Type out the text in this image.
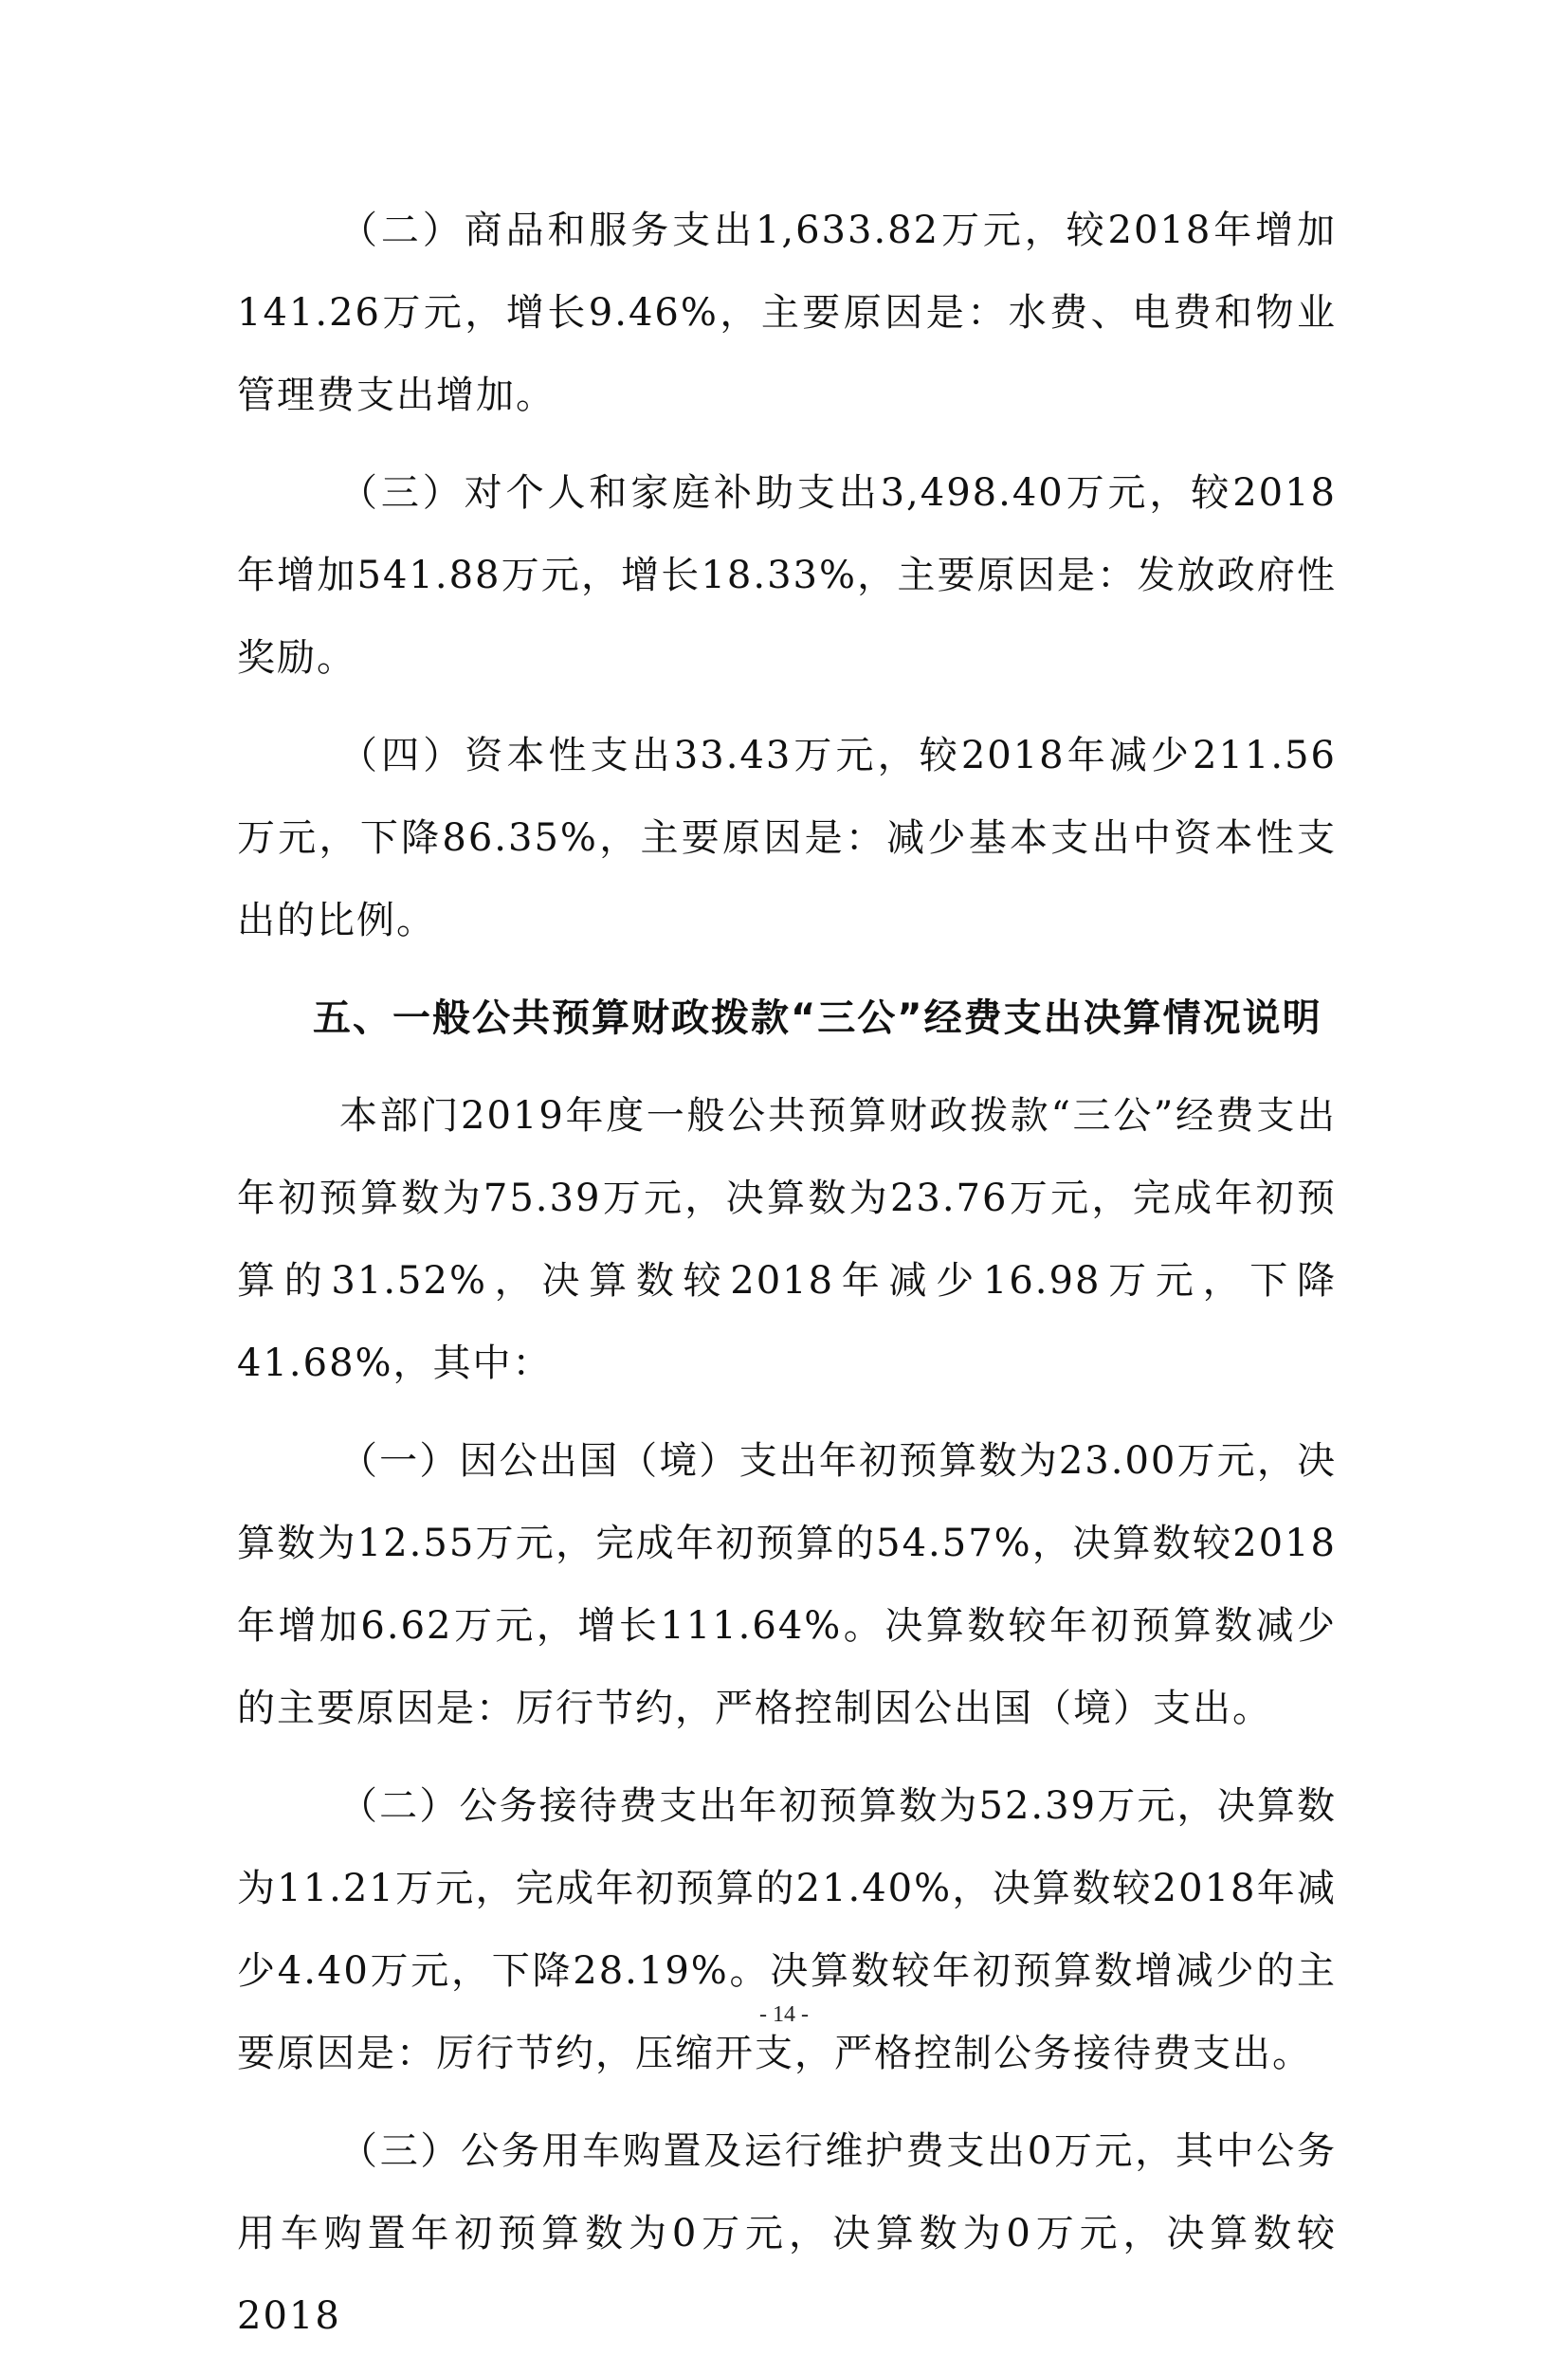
（二）商品和服务支出1,633.82万元，较2018年增加141.26万元，增长9.46%，主要原因是：水费、电费和物业管理费支出增加。

（三）对个人和家庭补助支出3,498.40万元，较2018年增加541.88万元，增长18.33%，主要原因是：发放政府性奖励。

（四）资本性支出33.43万元，较2018年减少211.56万元，下降86.35%，主要原因是：减少基本支出中资本性支出的比例。

五、一般公共预算财政拨款“三公”经费支出决算情况说明

本部门2019年度一般公共预算财政拨款“三公”经费支出年初预算数为75.39万元，决算数为23.76万元，完成年初预算的31.52%，决算数较2018年减少16.98万元，下降41.68%，其中：

（一）因公出国（境）支出年初预算数为23.00万元，决算数为12.55万元，完成年初预算的54.57%，决算数较2018年增加6.62万元，增长111.64%。决算数较年初预算数减少的主要原因是：厉行节约，严格控制因公出国（境）支出。

（二）公务接待费支出年初预算数为52.39万元，决算数为11.21万元，完成年初预算的21.40%，决算数较2018年减少4.40万元，下降28.19%。决算数较年初预算数增减少的主要原因是：厉行节约，压缩开支，严格控制公务接待费支出。

（三）公务用车购置及运行维护费支出0万元，其中公务用车购置年初预算数为0万元，决算数为0万元，决算数较2018

- 14 -
